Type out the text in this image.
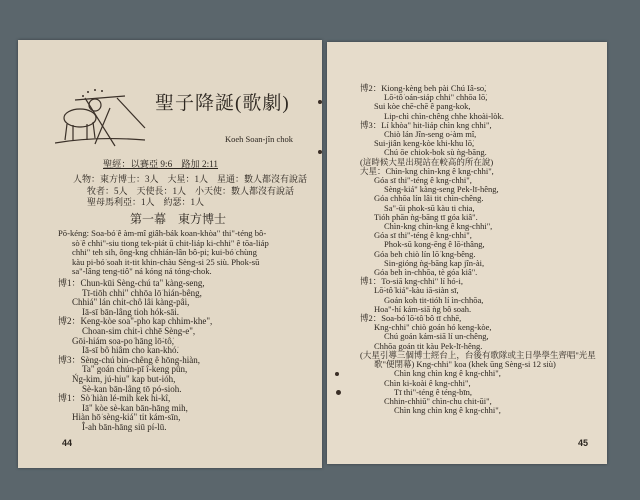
聖子降誕(歌劇)
Koeh Soan-jîn chok
聖經：以賽亞 9:6　路加 2:11
人物：東方博士：3人　大星：1人　星通：數人都沒有說話
牧者：5人　天使長：1人　小天使：數人都沒有說話
聖母馬利亞：1人　約瑟：1人
第一幕　東方博士
Pō-kéng: Soa-bó͘ ê àm-mî giâh-bák koan-khòa" thi"-téng bô-
sò͘ ê chhi"-siu tiong tek-piát ū chit-liáp ki-chhi" ê tōa-liáp
chhi" teh sih, ông-kng chhián-lân bô-pi; kui-bó͘ chùng
kàu pi-bó͘ soah it-tit khin-chàu Sèng-si 25 siù. Phok-sū
sa"-lâng teng-tiô" ná kóng ná tóng-chok.
博1：Chun-kūi Sèng-chú ta" kàng-seng,
Tī-tiōh chhi" chhōa lō͘ hián-bêng,
Chhiá" lán chit-chô lâi kàng-pâi,
Iā-sī bān-lâng tioh hók-sāi.
博2：Keng-kòe soa"-pho kap chhim-khe",
Choan-sim chit-ì chhē Sèng-e",
Gōi-hiám soa-po͘ hāng lō͘-tô͘,
Iā-sī bô hiâm cho kan-khó͘.
博3：Sèng-chú bin-chêng ê hōng-hiàn,
Ta" goán chún-pī î-keng pûn,
Ńg-kim, jú-hiu" kap but-ióh,
Sè-kan bān-lâng tō pó-sioh.
博1：Sò͘ hiàn lé-mih kek hi-kî,
Iā" kòe sè-kan bān-hāng mih,
Hiàn hō͘ sèng-kiá" tit kám-sīn,
Î-ah bān-hāng siū pí-lū.
44
博2：Kiong-kèng beh pài Chú Iâ-so͘,
Lō͘-tô͘ oán-siáp chhi" chhōa lō͘,
Sui kòe chē-chē ê pang-kok,
Lip-chì chìn-chêng chhe khoài-lòk.
博3：Lí khòa" hit-liáp chìn kng chhi",
Chiò lán Jîn-seng o͘-àm mî,
Sui-jiân keng-kòe khi-khu lō͘,
Chú ōe chiok-bok sù ǹg-bāng.
(這時候大星出現站在較高的所在說)
大星：Chìn-kng chìn-kng ê kng-chhi",
Góa sī thi"-téng ê kng-chhi",
Sèng-kiá" kàng-seng Pek-lī-hêng,
Góa chhōa lín lâi tit chìn-chêng.
Sa"-ūi phok-sū kàu ti chia,
Tióh phān ǹg-bāng tī góa kiâ".
Chìn-kng chìn-kng ê kng-chhi",
Góa sī thi"-téng ê kng-chhi",
Phok-sū kong-ēng ê lō͘-thâng,
Góa beh chiò lín lō͘ kng-bêng.
Sin-gióng ǹg-bāng kap jîn-ài,
Góa beh ìn-chhōa, tè góa kiâ".
博1：To-siā kng-chhi" lí hó-i,
Lō͘-tô͘ kiá"-kàu iā-siàn sī,
Goán koh tit-tióh lí ìn-chhōa,
Hoa"-hí kám-siā ǹg bô soah.
博2：Soa-bó͘ lō͘-tô͘ bô tī chhē,
Kng-chhi" chiò goán hó keng-kòe,
Chú goán kám-siā lí un-chêng,
Chhōa goán tit kàu Pek-lī-hêng.
(大星引導三個博士經台上，台後有歌隊或主日學學生齊唱"光星
歌"便閉幕) Kng-chhi" koa (khek ūng Sèng-si 12 siù)
Chìn kng chìn kng ê kng-chhi",
Chìn ki-koài ê kng-chhi",
Tī thi"-téng ê téng-bīn,
Chhin-chhiū" chìn-chu chit-ūi",
Chìn kng chìn kng ê kng-chhi",
45
